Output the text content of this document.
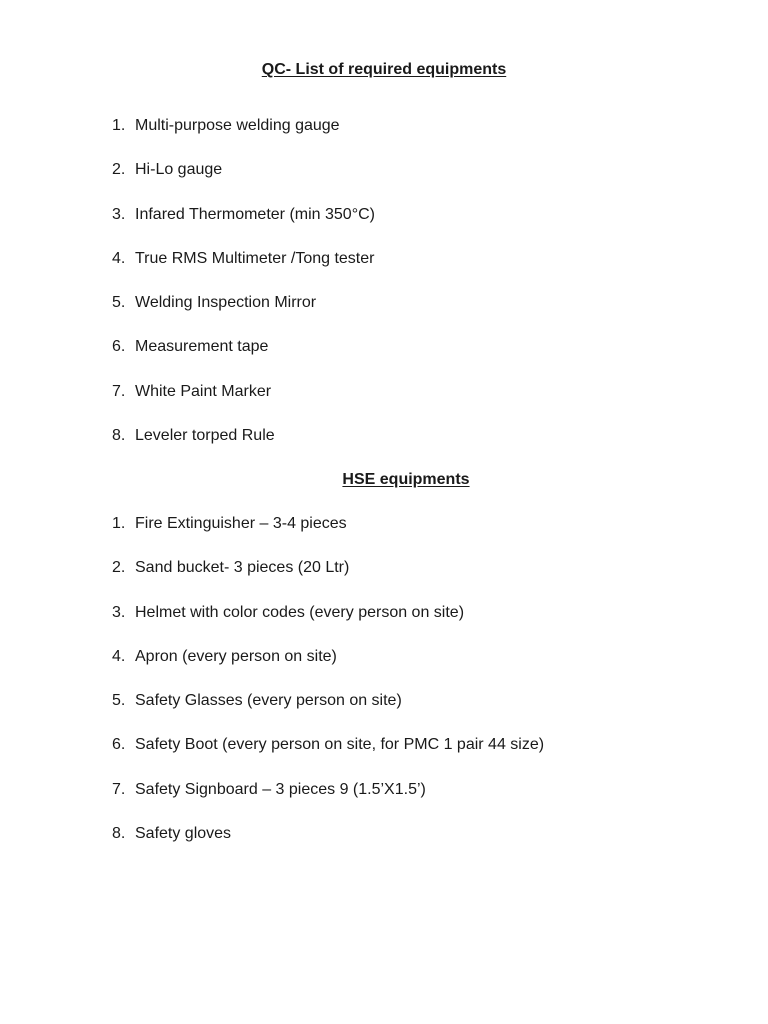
QC- List of required equipments
1. Multi-purpose welding gauge
2. Hi-Lo gauge
3. Infared Thermometer (min 350°C)
4. True RMS Multimeter /Tong tester
5. Welding Inspection Mirror
6. Measurement tape
7. White Paint Marker
8. Leveler torped Rule
HSE equipments
1. Fire Extinguisher – 3-4 pieces
2. Sand bucket- 3 pieces (20 Ltr)
3. Helmet with color codes (every person on site)
4. Apron (every person on site)
5. Safety Glasses (every person on site)
6. Safety Boot (every person on site, for PMC 1 pair 44 size)
7. Safety Signboard – 3 pieces 9 (1.5’X1.5’)
8. Safety gloves
